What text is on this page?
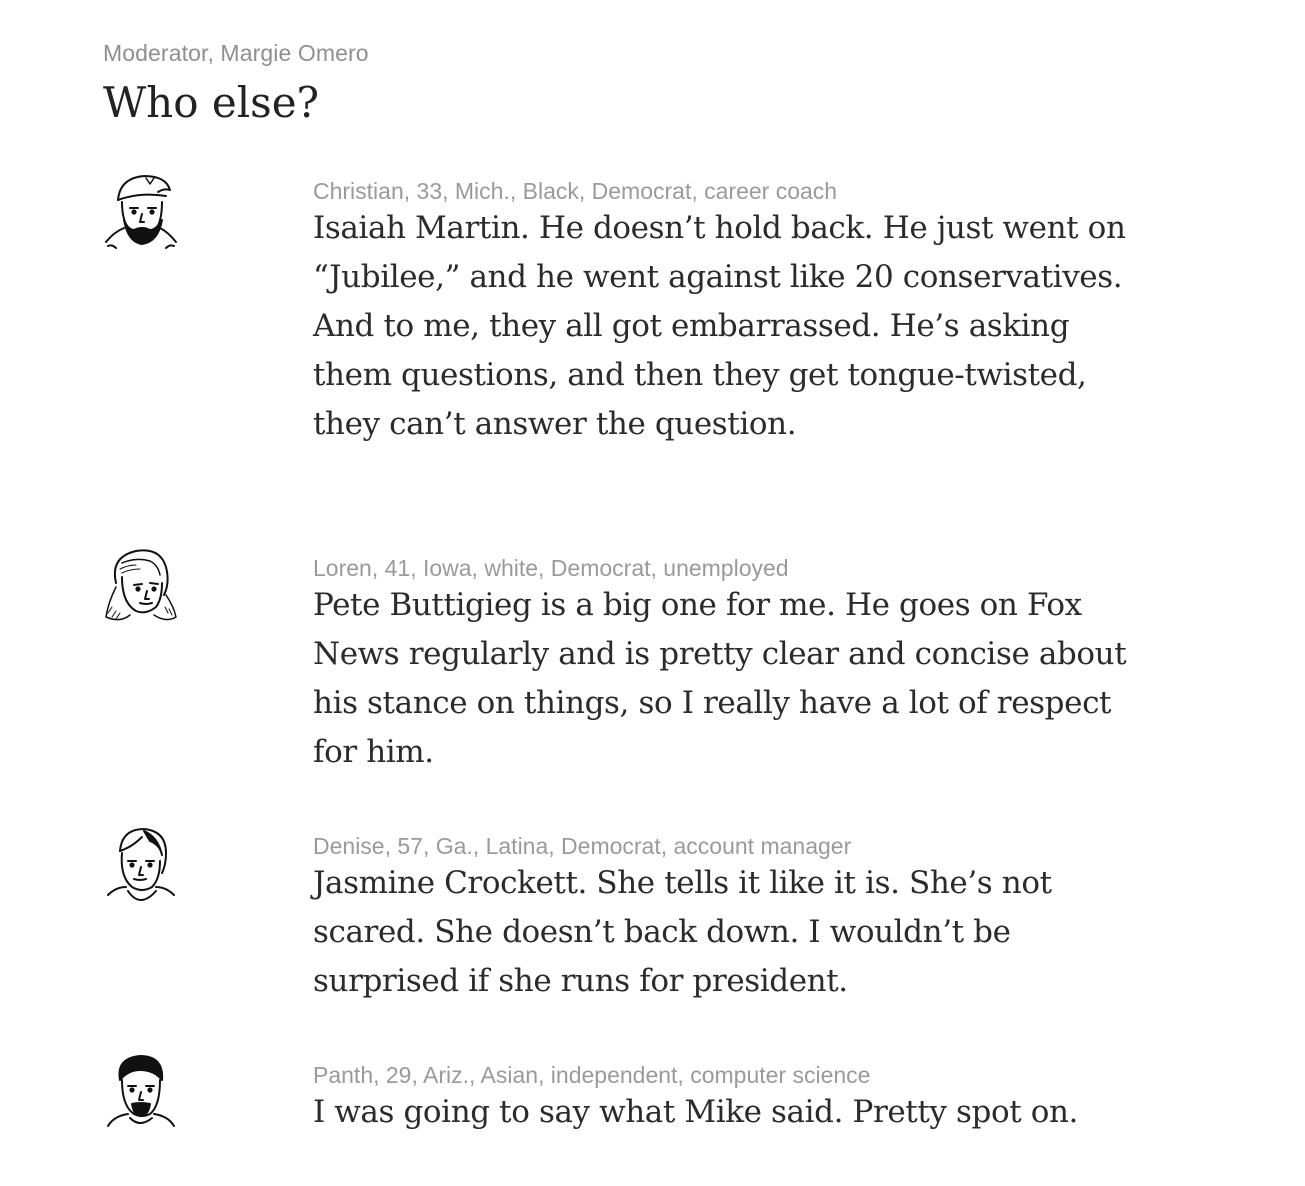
Moderator, Margie Omero
Who else?
Christian, 33, Mich., Black, Democrat, career coach

Isaiah Martin. He doesn’t hold back. He just went on “Jubilee,” and he went against like 20 conservatives. And to me, they all got embarrassed. He’s asking them questions, and then they get tongue-twisted, they can’t answer the question.

Loren, 41, Iowa, white, Democrat, unemployed

Pete Buttigieg is a big one for me. He goes on Fox News regularly and is pretty clear and concise about his stance on things, so I really have a lot of respect for him.

Denise, 57, Ga., Latina, Democrat, account manager

Jasmine Crockett. She tells it like it is. She’s not scared. She doesn’t back down. I wouldn’t be surprised if she runs for president.

Panth, 29, Ariz., Asian, independent, computer science

I was going to say what Mike said. Pretty spot on.
